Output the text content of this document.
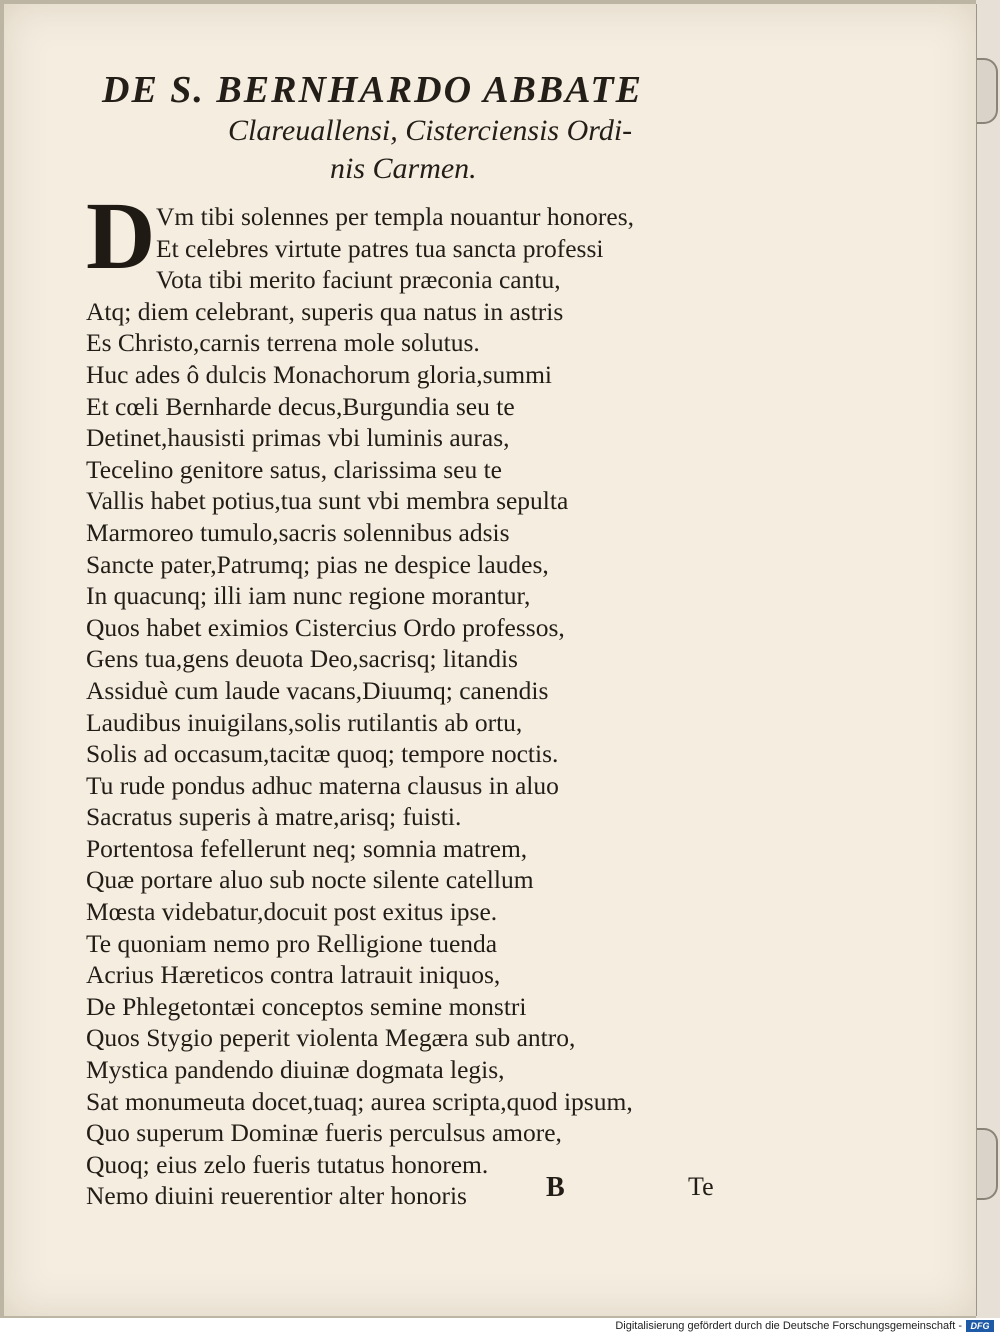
DE S. BERNHARDO ABBATE
Clareuallensi, Cisterciensis Ordi-
nis Carmen.
D Vm tibi solennes per templa nouantur honores,
Et celebres virtute patres tua sancta professi
Vota tibi merito faciunt præconia cantu,
Atq; diem celebrant, superis qua natus in astris
Es Christo,carnis terrena mole solutus.
Huc ades ô dulcis Monachorum gloria,summi
Et cœli Bernharde decus,Burgundia seu te
Detinet,hausisti primas vbi luminis auras,
Tecelino genitore satus, clarissima seu te
Vallis habet potius,tua sunt vbi membra sepulta
Marmoreo tumulo,sacris solennibus adsis
Sancte pater,Patrumq; pias ne despice laudes,
In quacunq; illi iam nunc regione morantur,
Quos habet eximios Cistercius Ordo professos,
Gens tua,gens deuota Deo,sacrisq; litandis
Assiduè cum laude vacans,Diuumq; canendis
Laudibus inuigilans,solis rutilantis ab ortu,
Solis ad occasum,tacitæ quoq; tempore noctis.
Tu rude pondus adhuc materna clausus in aluo
Sacratus superis à matre,arisq; fuisti.
Portentosa fefellerunt neq; somnia matrem,
Quæ portare aluo sub nocte silente catellum
Mœsta videbatur,docuit post exitus ipse.
Te quoniam nemo pro Relligione tuenda
Acrius Hæreticos contra latrauit iniquos,
De Phlegetontæi conceptos semine monstri
Quos Stygio peperit violenta Megæra sub antro,
Mystica pandendo diuinæ dogmata legis,
Sat monumeuta docet,tuaq; aurea scripta,quod ipsum,
Quo superum Dominæ fueris perculsus amore,
Quoq; eius zelo fueris tutatus honorem.
Nemo diuini reuerentior alter honoris	B	Te
Digitalisierung gefördert durch die Deutsche Forschungsgemeinschaft - DFG
